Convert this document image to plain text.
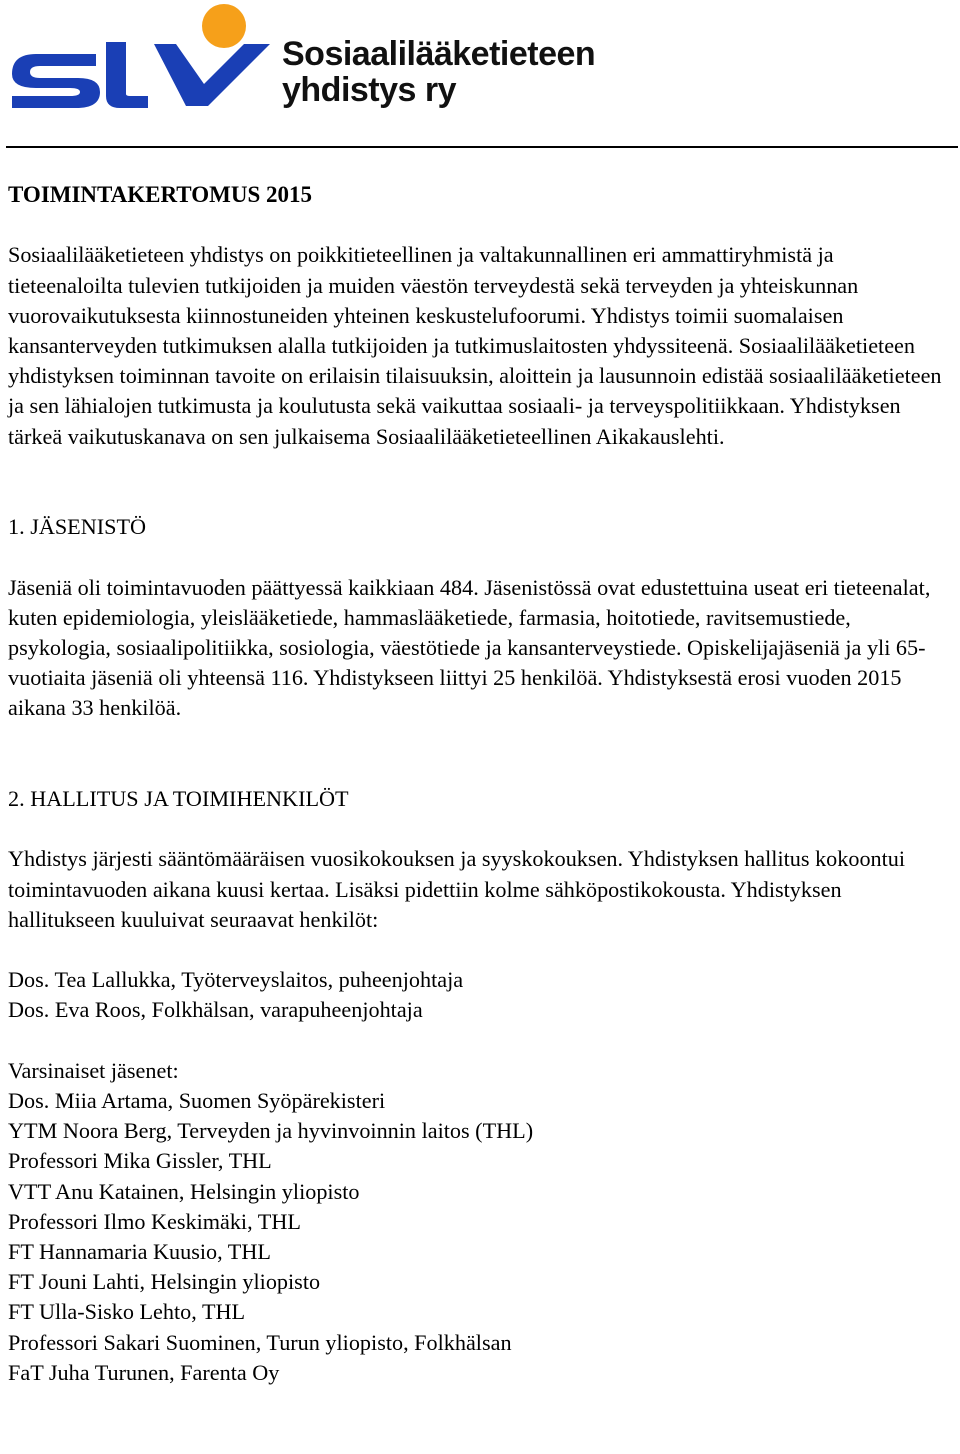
Sosiaalilääketieteen
yhdistys ry
TOIMINTAKERTOMUS 2015

Sosiaalilääketieteen yhdistys on poikkitieteellinen ja valtakunnallinen eri ammattiryhmistä ja tieteenaloilta tulevien tutkijoiden ja muiden väestön terveydestä sekä terveyden ja yhteiskunnan vuorovaikutuksesta kiinnostuneiden yhteinen keskustelufoorumi. Yhdistys toimii suomalaisen kansanterveyden tutkimuksen alalla tutkijoiden ja tutkimuslaitosten yhdyssiteenä. Sosiaalilääketieteen yhdistyksen toiminnan tavoite on erilaisin tilaisuuksin, aloittein ja lausunnoin edistää sosiaalilääketieteen ja sen lähialojen tutkimusta ja koulutusta sekä vaikuttaa sosiaali- ja terveyspolitiikkaan. Yhdistyksen tärkeä vaikutuskanava on sen julkaisema Sosiaalilääketieteellinen Aikakauslehti.

1. JÄSENISTÖ

Jäseniä oli toimintavuoden päättyessä kaikkiaan 484. Jäsenistössä ovat edustettuina useat eri tieteenalat, kuten epidemiologia, yleislääketiede, hammaslääketiede, farmasia, hoitotiede, ravitsemustiede, psykologia, sosiaalipolitiikka, sosiologia, väestötiede ja kansanterveystiede. Opiskelijajäseniä ja yli 65-vuotiaita jäseniä oli yhteensä 116. Yhdistykseen liittyi 25 henkilöä. Yhdistyksestä erosi vuoden 2015 aikana 33 henkilöä.

2. HALLITUS JA TOIMIHENKILÖT

Yhdistys järjesti sääntömääräisen vuosikokouksen ja syyskokouksen. Yhdistyksen hallitus kokoontui toimintavuoden aikana kuusi kertaa. Lisäksi pidettiin kolme sähköpostikokousta. Yhdistyksen hallitukseen kuuluivat seuraavat henkilöt:

Dos. Tea Lallukka, Työterveyslaitos, puheenjohtaja
Dos. Eva Roos, Folkhälsan, varapuheenjohtaja
Varsinaiset jäsenet:
Dos. Miia Artama, Suomen Syöpärekisteri
YTM Noora Berg, Terveyden ja hyvinvoinnin laitos (THL)
Professori Mika Gissler, THL
VTT Anu Katainen, Helsingin yliopisto
Professori Ilmo Keskimäki, THL
FT Hannamaria Kuusio, THL
FT Jouni Lahti, Helsingin yliopisto
FT Ulla-Sisko Lehto, THL
Professori Sakari Suominen, Turun yliopisto, Folkhälsan
FaT Juha Turunen, Farenta Oy
